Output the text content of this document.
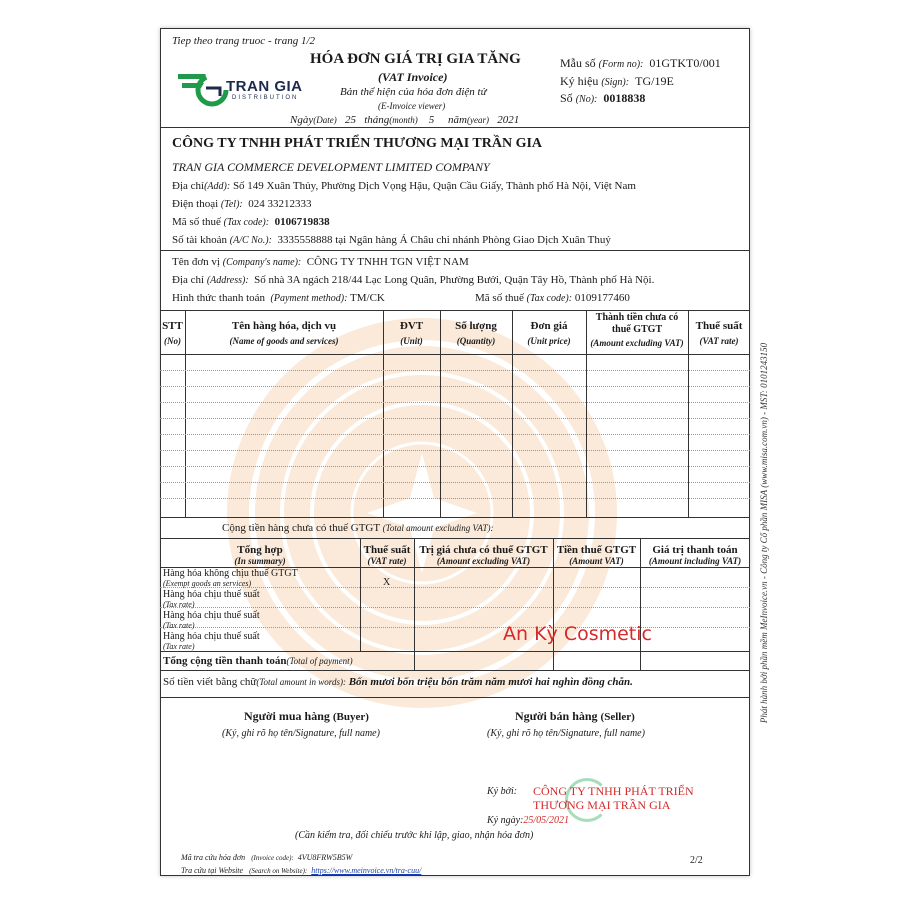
Phát hành bởi phần mềm MeInvoice.vn - Công ty Cổ phần MISA (www.misa.com.vn) - MST: 0101243150
TRAN GIA
DISTRIBUTION
Tiep theo trang truoc - trang 1/2
HÓA ĐƠN GIÁ TRỊ GIA TĂNG
(VAT Invoice)
Bản thể hiện của hóa đơn điện tử
(E-Invoice viewer)
Ngày(Date) 25 tháng(month) 5 năm(year) 2021
Mẫu số (Form no): 01GTKT0/001
Ký hiệu (Sign): TG/19E
Số (No): 0018838
CÔNG TY TNHH PHÁT TRIỂN THƯƠNG MẠI TRẦN GIA
TRAN GIA COMMERCE DEVELOPMENT LIMITED COMPANY
Địa chỉ(Add): Số 149 Xuân Thủy, Phường Dịch Vọng Hậu, Quận Cầu Giấy, Thành phố Hà Nội, Việt Nam
Điện thoại (Tel): 024 33212333
Mã số thuế (Tax code): 0106719838
Số tài khoản (A/C No.): 3335558888 tại Ngân hàng Á Châu chi nhánh Phòng Giao Dịch Xuân Thuỷ
Tên đơn vị (Company's name): CÔNG TY TNHH TGN VIỆT NAM
Địa chỉ (Address): Số nhà 3A ngách 218/44 Lạc Long Quân, Phường Bưởi, Quận Tây Hồ, Thành phố Hà Nội.
Hình thức thanh toán (Payment method): TM/CK	Mã số thuế (Tax code): 0109177460
STT
(No)
Tên hàng hóa, dịch vụ
(Name of goods and services)
ĐVT
(Unit)
Số lượng
(Quantity)
Đơn giá
(Unit price)
Thành tiền chưa có thuế GTGT
(Amount excluding VAT)
Thuế suất
(VAT rate)
Cộng tiền hàng chưa có thuế GTGT (Total amount excluding VAT):
Tổng hợp
(In summary)
Thuế suất
(VAT rate)
Trị giá chưa có thuế GTGT
(Amount excluding VAT)
Tiền thuế GTGT
(Amount VAT)
Giá trị thanh toán
(Amount including VAT)
Hàng hóa không chịu thuế GTGT
(Exempt goods an services)	X
Hàng hóa chịu thuế suất
(Tax rate)
Hàng hóa chịu thuế suất
(Tax rate)
Hàng hóa chịu thuế suất
(Tax rate)
Tổng cộng tiền thanh toán(Total of payment)
An Kỳ Cosmetic
Số tiền viết bằng chữ(Total amount in words): Bốn mươi bốn triệu bốn trăm năm mươi hai nghìn đồng chẵn.
Người mua hàng (Buyer)
(Ký, ghi rõ họ tên/Signature, full name)
Người bán hàng (Seller)
(Ký, ghi rõ họ tên/Signature, full name)
Ký bởi: CÔNG TY TNHH PHÁT TRIỂN
THƯƠNG MẠI TRẦN GIA
Ký ngày:25/05/2021
(Cần kiểm tra, đối chiếu trước khi lập, giao, nhận hóa đơn)
Mã tra cứu hóa đơn (Invoice code): 4VU8FRW5B5W
Tra cứu tại Website (Search on Website): https://www.meinvoice.vn/tra-cuu/
2/2
